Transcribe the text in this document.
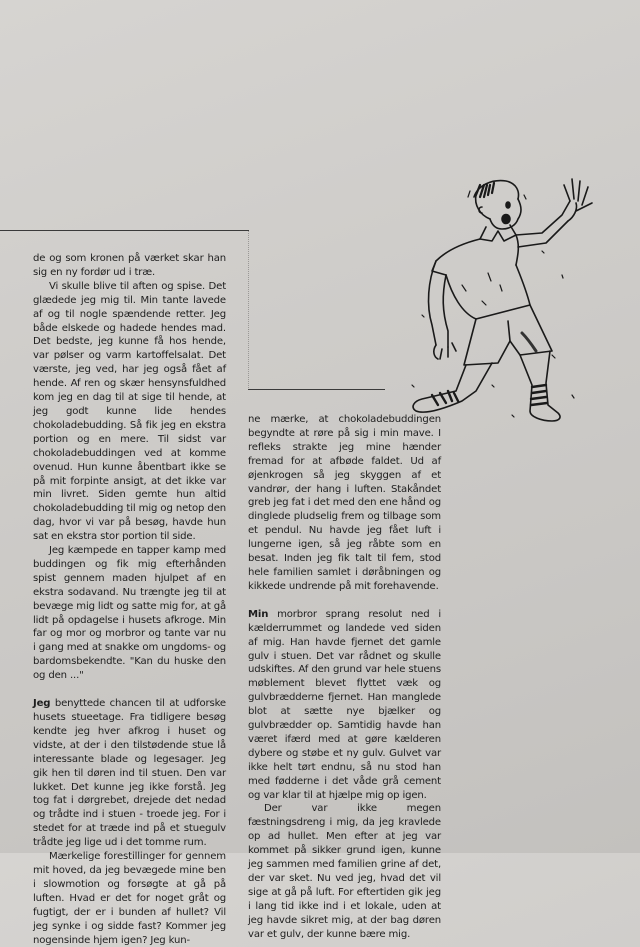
de og som kronen på værket skar han sig en ny fordør ud i træ.

Vi skulle blive til aften og spise. Det glædede jeg mig til. Min tante lavede af og til nogle spændende retter. Jeg både elskede og hadede hendes mad. Det bedste, jeg kunne få hos hende, var pølser og varm kartoffelsalat. Det værste, jeg ved, har jeg også fået af hende. Af ren og skær hensynsfuldhed kom jeg en dag til at sige til hende, at jeg godt kunne lide hendes chokoladebudding. Så fik jeg en ekstra portion og en mere. Til sidst var chokoladebuddingen ved at komme ovenud. Hun kunne åbentbart ikke se på mit forpinte ansigt, at det ikke var min livret. Siden gemte hun altid chokoladebudding til mig og netop den dag, hvor vi var på besøg, havde hun sat en ekstra stor portion til side.

Jeg kæmpede en tapper kamp med buddingen og fik mig efterhånden spist gennem maden hjulpet af en ekstra sodavand. Nu trængte jeg til at bevæge mig lidt og satte mig for, at gå lidt på opdagelse i husets afkroge. Min far og mor og morbror og tante var nu i gang med at snakke om ungdoms- og bardomsbekendte. "Kan du huske den og den ..."

Jeg benyttede chancen til at udforske husets stueetage. Fra tidligere besøg kendte jeg hver afkrog i huset og vidste, at der i den tilstødende stue lå interessante blade og legesager. Jeg gik hen til døren ind til stuen. Den var lukket. Det kunne jeg ikke forstå. Jeg tog fat i dørgrebet, drejede det nedad og trådte ind i stuen - troede jeg. For i stedet for at træde ind på et stuegulv trådte jeg lige ud i det tomme rum.

Mærkelige forestillinger for gennem mit hoved, da jeg bevægede mine ben i slowmotion og forsøgte at gå på luften. Hvad er det for noget gråt og fugtigt, der er i bunden af hullet? Vil jeg synke i og sidde fast? Kommer jeg nogensinde hjem igen? Jeg kun-

ne mærke, at chokoladebuddingen begyndte at røre på sig i min mave. I refleks strakte jeg mine hænder fremad for at afbøde faldet. Ud af øjenkrogen så jeg skyggen af et vandrør, der hang i luften. Stakåndet greb jeg fat i det med den ene hånd og dinglede pludselig frem og tilbage som et pendul. Nu havde jeg fået luft i lungerne igen, så jeg råbte som en besat. Inden jeg fik talt til fem, stod hele familien samlet i døråbningen og kikkede undrende på mit forehavende.

Min morbror sprang resolut ned i kælderrummet og landede ved siden af mig. Han havde fjernet det gamle gulv i stuen. Det var rådnet og skulle udskiftes. Af den grund var hele stuens møblement blevet flyttet væk og gulvbrædderne fjernet. Han manglede blot at sætte nye bjælker og gulvbrædder op. Samtidig havde han været ifærd med at gøre kælderen dybere og støbe et ny gulv. Gulvet var ikke helt tørt endnu, så nu stod han med fødderne i det våde grå cement og var klar til at hjælpe mig op igen.

Der var ikke megen fæstningsdreng i mig, da jeg kravlede op ad hullet. Men efter at jeg var kommet på sikker grund igen, kunne jeg sammen med familien grine af det, der var sket. Nu ved jeg, hvad det vil sige at gå på luft. For eftertiden gik jeg i lang tid ikke ind i et lokale, uden at jeg havde sikret mig, at der bag døren var et gulv, der kunne bære mig.
